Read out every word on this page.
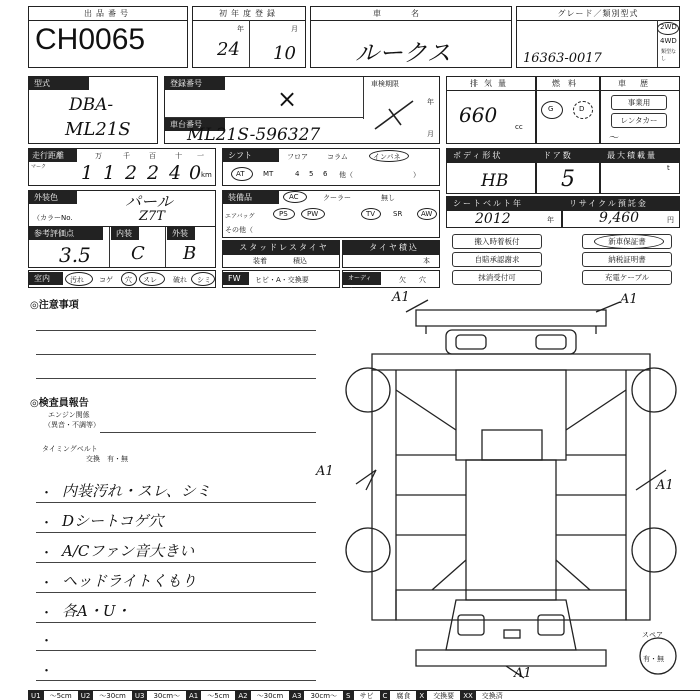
出品番号
CH0065
初年度登録
年	月
24 10
車名
ルークス
グレード／類別型式
16363-0017
2WD
4WD
類型なし
型式
DBA-
ML21S
登録番号
×
車検期限
年
月
車台番号
ML21S-596327
排気量
660	cc
燃料
G	D
車歴
事業用
レンタカー
〜
走行距離
マーク
万	千	百	十 一
1 1 2 2 4 0 km
シフト	フロア	コラム	インパネ
AT	MT	4 5 6 他（	）
ボディ形状
HB
ドア数
5
最大積載量
t
外装色	パール
（カラーNo.	Z7T
装備品	AC	クーラー	無し
エアバッグ	PS	PW	TV	SR	AW
その他（
シートベルト年
2012	年
リサイクル預託金
9,460	円
参考評価点	内装	外装
3.5 C B	スタッドレスタイヤ
装着	積込
タイヤ積込
本
搬入時着板付	新車保証書
自賠承認謝求	納税証明書
抹消受付可	充電ケーブル
室内	汚れ コゲ 穴 スレ 破れ シミ	FW	ヒビ・A・交換要	オーディオ
欠 穴
◎注意事項
◎検査員報告
エンジン関係
（異音・不調等）
タイミングベルト
交換　有・無
・ 内装汚れ・スレ、シミ
・ Dシートコゲ穴
・ A/Cファン音大きい
・ ヘッドライトくもり
・ 各A・U・
・
・
A1	A1
A1
A1
A1
スペア
有・無
U1	～5cm	U2	～30cm	U3	30cm～	A1	～5cm	A2	～30cm	A3	30cm～	S	サビ	C	腐食	X	交換要	XX	交換済
